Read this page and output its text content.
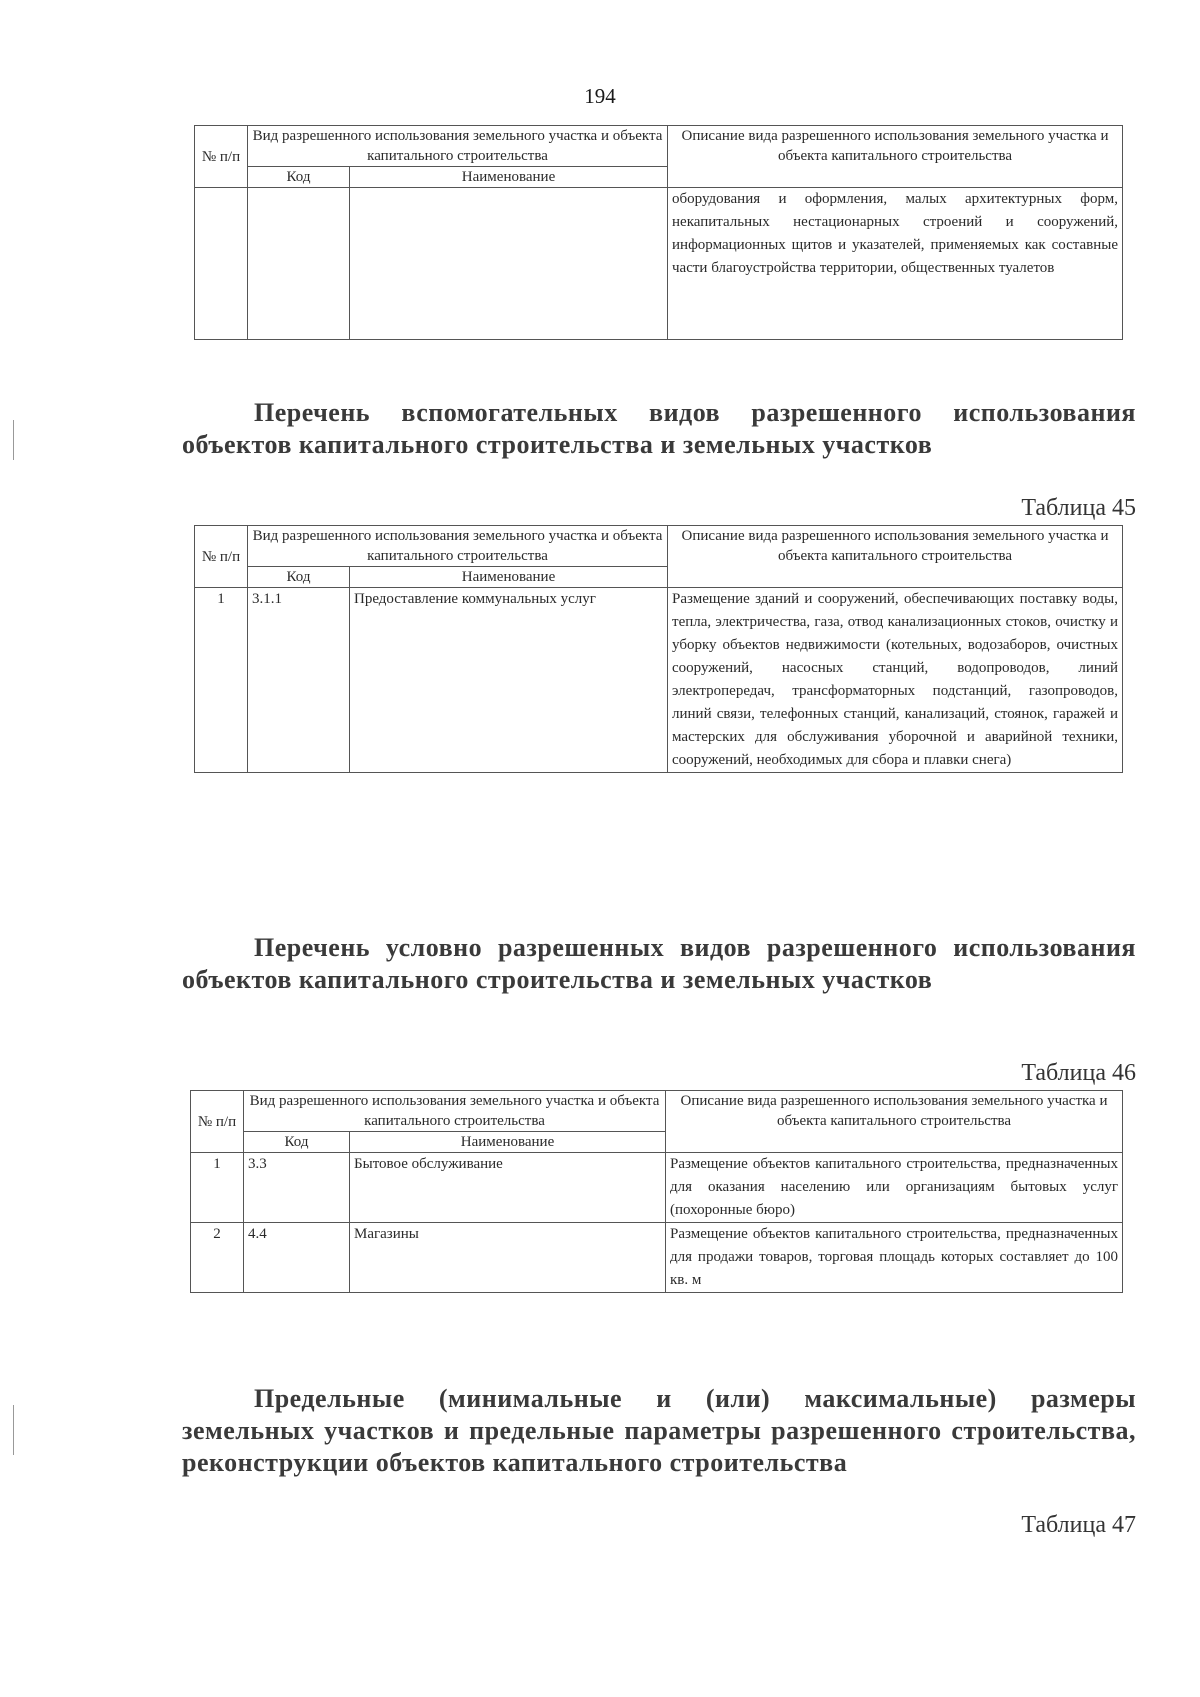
194
№ п/п	Вид разрешенного использования земельного участка и объекта капитального строительства		Описание вида разрешенного использования земельного участка и объекта капитального строительства
	Код	Наименование	
			оборудования и оформления, малых архитектурных форм, некапитальных нестационарных строений и сооружений, информационных щитов и указателей, применяемых как составные части благоустройства территории, общественных туалетов
Перечень вспомогательных видов разрешенного использования объектов капитального строительства и земельных участков
Таблица 45
№ п/п	Вид разрешенного использования земельного участка и объекта капитального строительства		Описание вида разрешенного использования земельного участка и объекта капитального строительства
	Код	Наименование	
1	3.1.1	Предоставление коммунальных услуг	Размещение зданий и сооружений, обеспечивающих поставку воды, тепла, электричества, газа, отвод канализационных стоков, очистку и уборку объектов недвижимости (котельных, водозаборов, очистных сооружений, насосных станций, водопроводов, линий электропередач, трансформаторных подстанций, газопроводов, линий связи, телефонных станций, канализаций, стоянок, гаражей и мастерских для обслуживания уборочной и аварийной техники, сооружений, необходимых для сбора и плавки снега)
Перечень условно разрешенных видов разрешенного использования объектов капитального строительства и земельных участков
Таблица 46
№ п/п	Вид разрешенного использования земельного участка и объекта капитального строительства		Описание вида разрешенного использования земельного участка и объекта капитального строительства
	Код	Наименование	
1	3.3	Бытовое обслуживание	Размещение объектов капитального строительства, предназначенных для оказания населению или организациям бытовых услуг (похоронные бюро)
2	4.4	Магазины	Размещение объектов капитального строительства, предназначенных для продажи товаров, торговая площадь которых составляет до 100 кв. м
Предельные (минимальные и (или) максимальные) размеры земельных участков и предельные параметры разрешенного строительства, реконструкции объектов капитального строительства
Таблица 47
